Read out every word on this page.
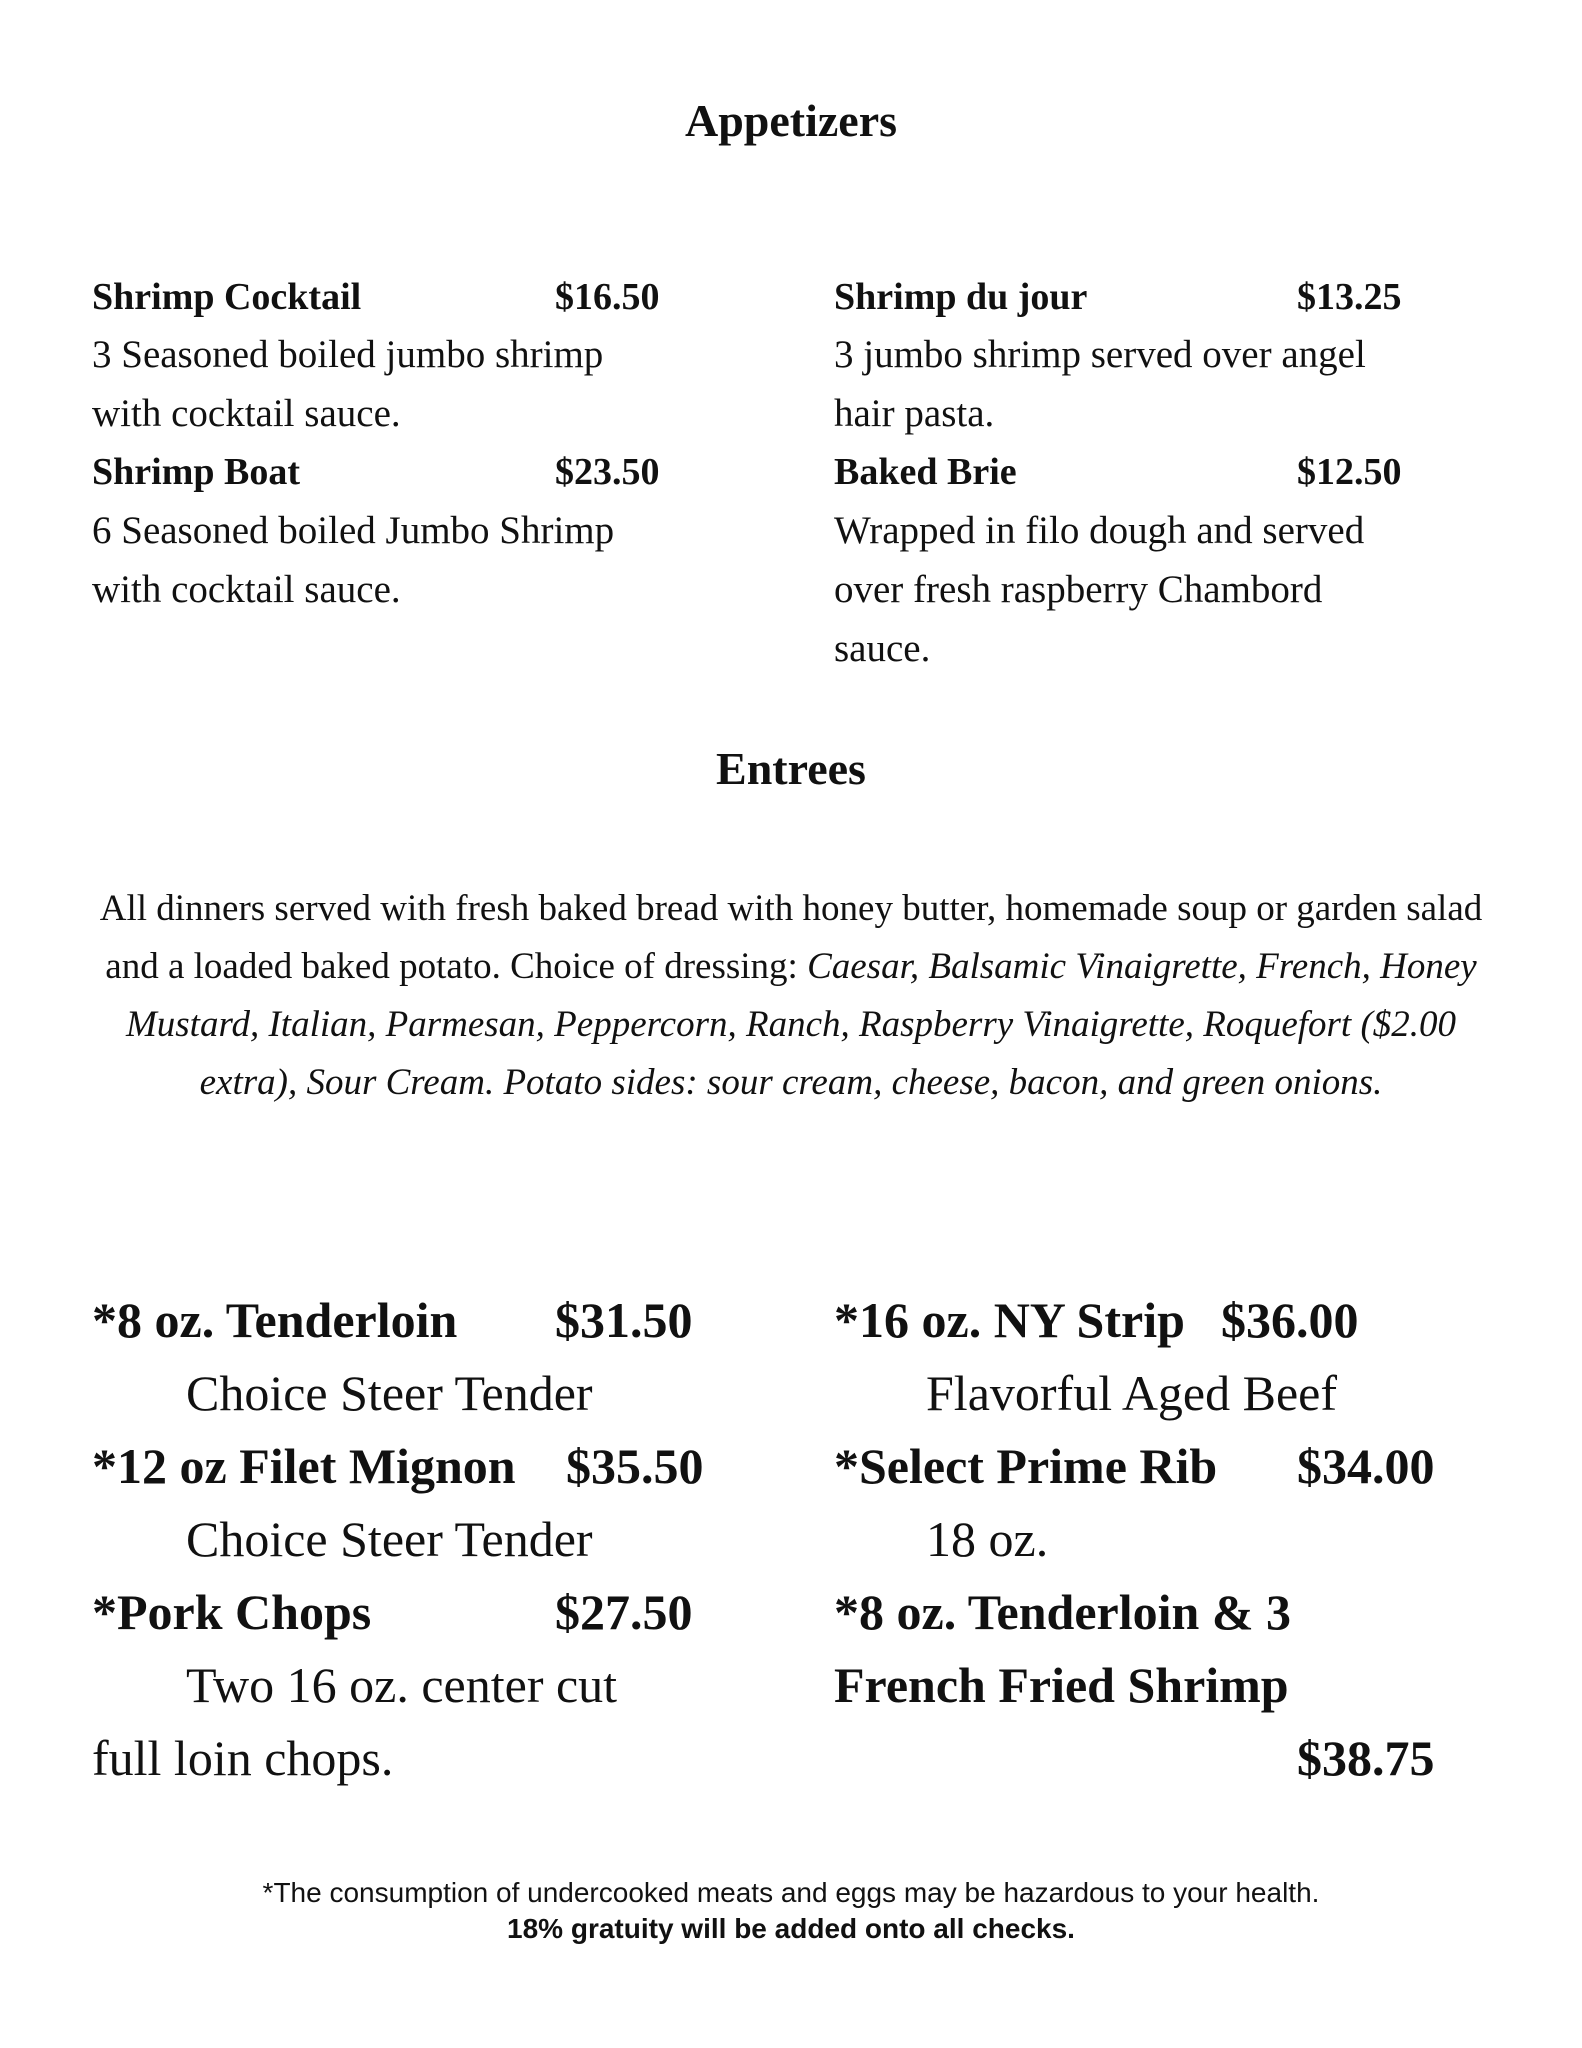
Appetizers
Shrimp Cocktail	$16.50
3 Seasoned boiled jumbo shrimp
with cocktail sauce.
Shrimp Boat	$23.50
6 Seasoned boiled Jumbo Shrimp
with cocktail sauce.
Shrimp du jour	$13.25
3 jumbo shrimp served over angel
hair pasta.
Baked Brie	$12.50
Wrapped in filo dough and served
over fresh raspberry Chambord
sauce.
Entrees
All dinners served with fresh baked bread with honey butter, homemade soup or garden salad and a loaded baked potato. Choice of dressing: Caesar, Balsamic Vinaigrette, French, Honey Mustard, Italian, Parmesan, Peppercorn, Ranch, Raspberry Vinaigrette, Roquefort ($2.00 extra), Sour Cream. Potato sides: sour cream, cheese, bacon, and green onions.
*8 oz. Tenderloin $31.50
Choice Steer Tender
*12 oz Filet Mignon $35.50
Choice Steer Tender
*Pork Chops	$27.50
Two 16 oz. center cut
full loin chops.
*16 oz. NY Strip $36.00
Flavorful Aged Beef
*Select Prime Rib $34.00
18 oz.
*8 oz. Tenderloin & 3
French Fried Shrimp
$38.75
*The consumption of undercooked meats and eggs may be hazardous to your health.
18% gratuity will be added onto all checks.
